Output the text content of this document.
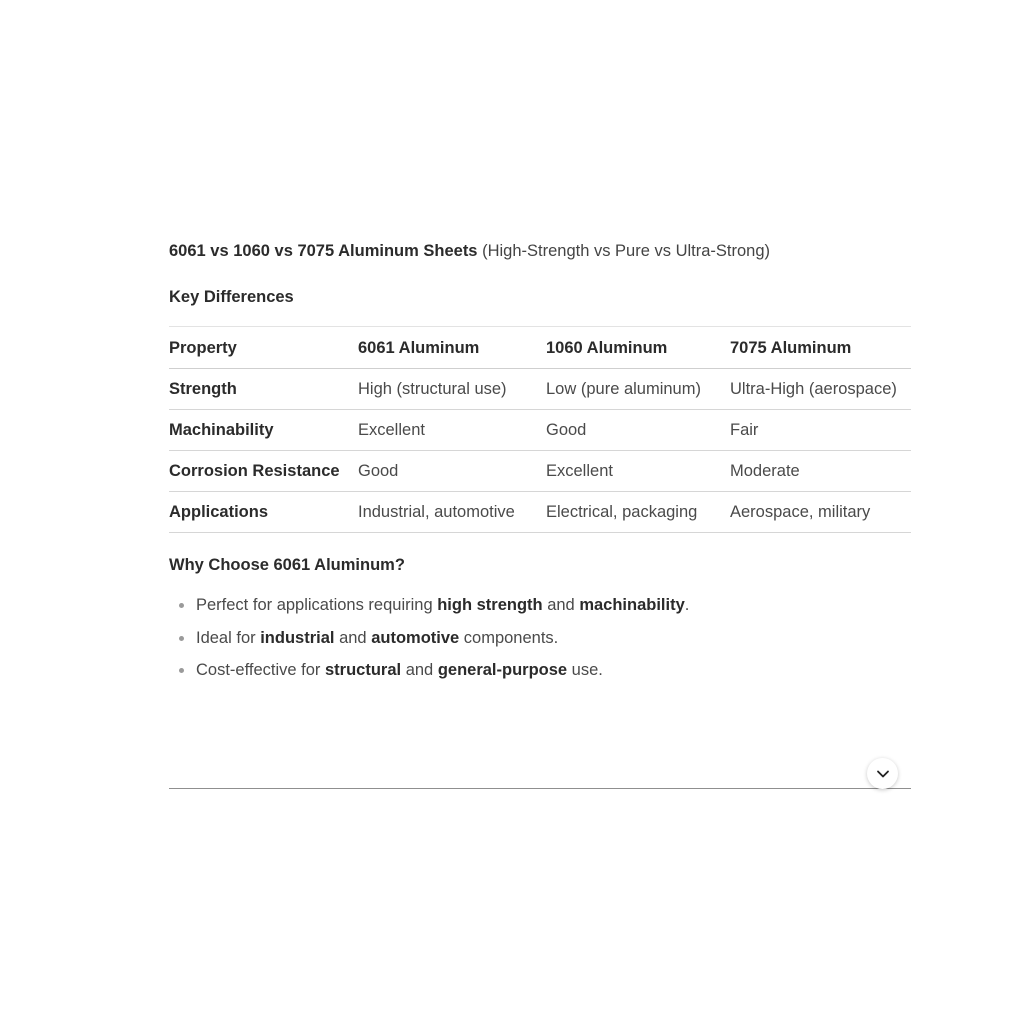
6061 vs 1060 vs 7075 Aluminum Sheets (High-Strength vs Pure vs Ultra-Strong)

Key Differences

Property	6061 Aluminum	1060 Aluminum	7075 Aluminum
Strength	High (structural use)	Low (pure aluminum)	Ultra-High (aerospace)
Machinability	Excellent	Good	Fair
Corrosion Resistance	Good	Excellent	Moderate
Applications	Industrial, automotive	Electrical, packaging	Aerospace, military

Why Choose 6061 Aluminum?

Perfect for applications requiring high strength and machinability.
Ideal for industrial and automotive components.
Cost-effective for structural and general-purpose use.
